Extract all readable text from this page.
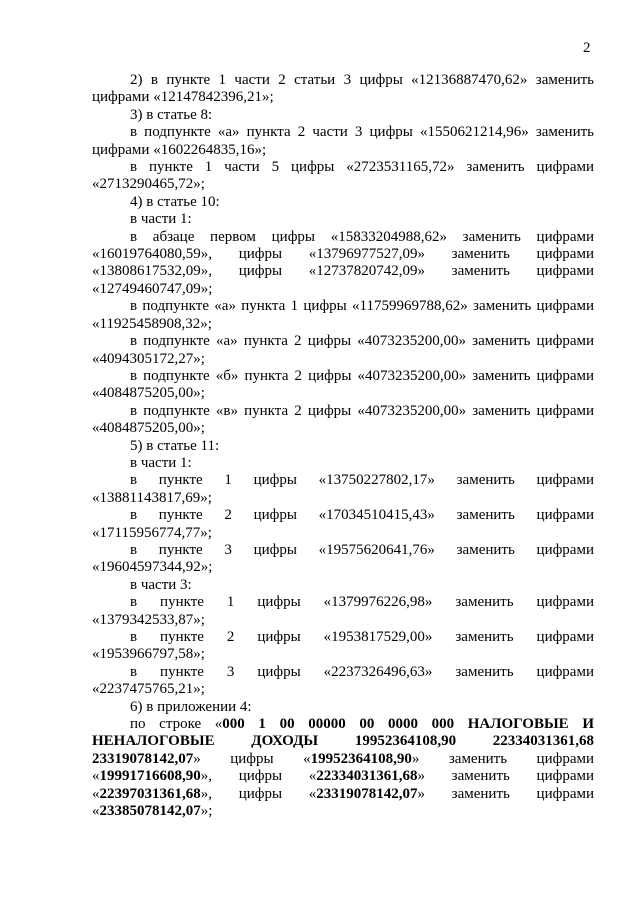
2

2) в пункте 1 части 2 статьи 3 цифры «12136887470,62» заменить цифрами «12147842396,21»;

3) в статье 8:

в подпункте «а» пункта 2 части 3 цифры «1550621214,96» заменить цифрами «1602264835,16»;

в пункте 1 части 5 цифры «2723531165,72» заменить цифрами «2713290465,72»;

4) в статье 10:

в части 1:

в абзаце первом цифры «15833204988,62» заменить цифрами «16019764080,59», цифры «13796977527,09» заменить цифрами «13808617532,09», цифры «12737820742,09» заменить цифрами «12749460747,09»;

в подпункте «а» пункта 1 цифры «11759969788,62» заменить цифрами «11925458908,32»;

в подпункте «а» пункта 2 цифры «4073235200,00» заменить цифрами «4094305172,27»;

в подпункте «б» пункта 2 цифры «4073235200,00» заменить цифрами «4084875205,00»;

в подпункте «в» пункта 2 цифры «4073235200,00» заменить цифрами «4084875205,00»;

5) в статье 11:

в части 1:

в пункте 1 цифры «13750227802,17» заменить цифрами «13881143817,69»;

в пункте 2 цифры «17034510415,43» заменить цифрами «17115956774,77»;

в пункте 3 цифры «19575620641,76» заменить цифрами «19604597344,92»;

в части 3:

в пункте 1 цифры «1379976226,98» заменить цифрами «1379342533,87»;

в пункте 2 цифры «1953817529,00» заменить цифрами «1953966797,58»;

в пункте 3 цифры «2237326496,63» заменить цифрами «2237475765,21»;

6) в приложении 4:

по строке «000 1 00 00000 00 0000 000 НАЛОГОВЫЕ И НЕНАЛОГОВЫЕ ДОХОДЫ 19952364108,90 22334031361,68 23319078142,07» цифры «19952364108,90» заменить цифрами «19991716608,90», цифры «22334031361,68» заменить цифрами «22397031361,68», цифры «23319078142,07» заменить цифрами «23385078142,07»;
